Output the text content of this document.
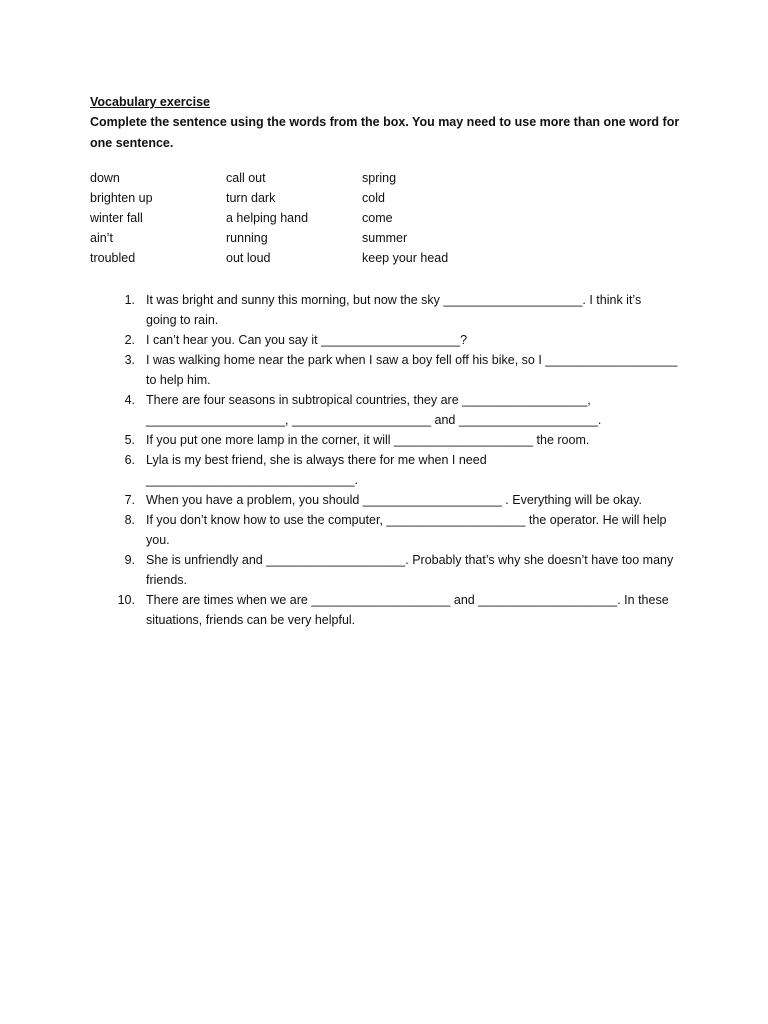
Vocabulary exercise

Complete the sentence using the words from the box. You may need to use more than one word for one sentence.

down	call out	spring
brighten up	turn dark	cold
winter fall	a helping hand	come
ain’t	running	summer
troubled	out loud	keep your head
1. It was bright and sunny this morning, but now the sky ____________________. I think it’s
going to rain.
2. I can’t hear you. Can you say it ____________________?
3. I was walking home near the park when I saw a boy fell off his bike, so I ___________________
to help him.
4. There are four seasons in subtropical countries, they are __________________,
____________________, ____________________ and ____________________.
5. If you put one more lamp in the corner, it will ____________________ the room.
6. Lyla is my best friend, she is always there for me when I need
______________________________.
7. When you have a problem, you should ____________________ . Everything will be okay.
8. If you don’t know how to use the computer, ____________________ the operator. He will help
you.
9. She is unfriendly and ____________________. Probably that’s why she doesn’t have too many
friends.
10. There are times when we are ____________________ and ____________________. In these
situations, friends can be very helpful.
